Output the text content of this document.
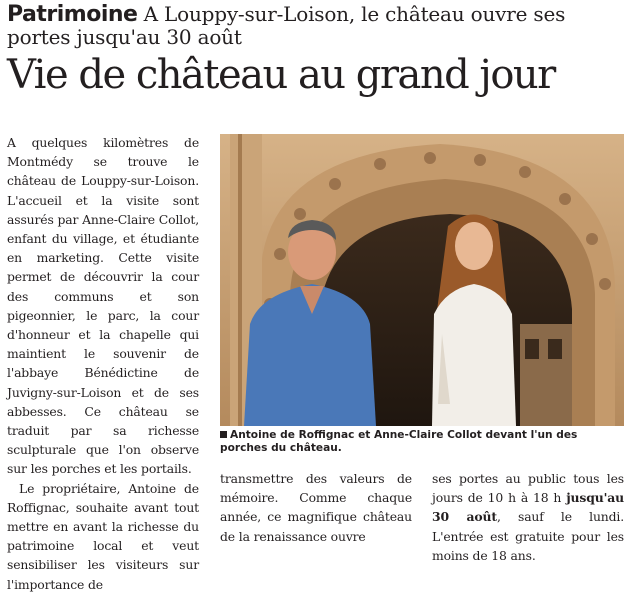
Patrimoine A Louppy-sur-Loison, le château ouvre ses portes jusqu'au 30 août
Vie de château au grand jour

A quelques kilomètres de Montmédy se trouve le château de Louppy-sur-Loison. L'accueil et la visite sont assurés par Anne-Claire Collot, enfant du village, et étudiante en marketing. Cette visite permet de découvrir la cour des communs et son pigeonnier, le parc, la cour d'honneur et la chapelle qui maintient le souvenir de l'abbaye Bénédictine de Juvigny-sur-Loison et de ses abbesses. Ce château se traduit par sa richesse sculpturale que l'on observe sur les porches et les portails.

Le propriétaire, Antoine de Roffignac, souhaite avant tout mettre en avant la richesse du patrimoine local et veut sensibiliser les visiteurs sur l'importance de

Antoine de Roffignac et Anne-Claire Collot devant l'un des porches du château.

transmettre des valeurs de mémoire. Comme chaque année, ce magnifique château de la renaissance ouvre

ses portes au public tous les jours de 10 h à 18 h jusqu'au 30 août, sauf le lundi. L'entrée est gratuite pour les moins de 18 ans.
